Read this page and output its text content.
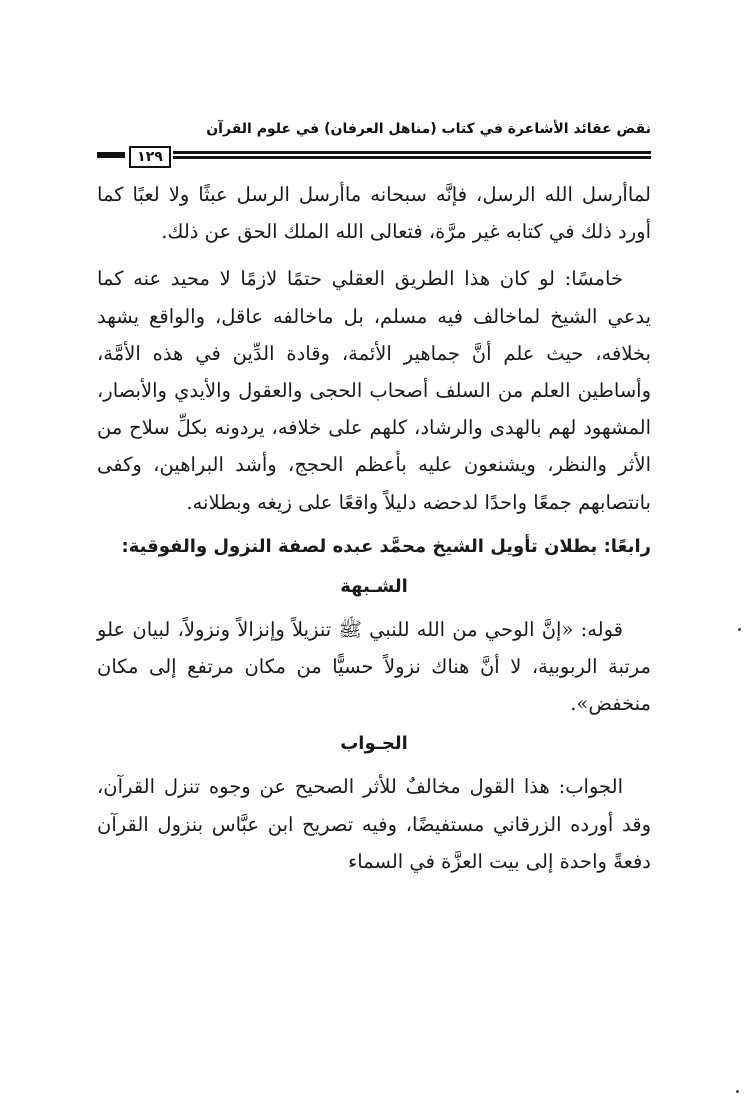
نقض عقائد الأشاعرة في كتاب (مناهل العرفان) في علوم القرآن
١٢٩

لماأرسل الله الرسل، فإنَّه سبحانه ماأرسل الرسل عبثًا ولا لعبًا كما أورد ذلك في كتابه غير مرَّة، فتعالى الله الملك الحق عن ذلك.

خامسًا: لو كان هذا الطريق العقلي حتمًا لازمًا لا محيد عنه كما يدعي الشيخ لماخالف فيه مسلم، بل ماخالفه عاقل، والواقع يشهد بخلافه، حيث علم أنَّ جماهير الأئمة، وقادة الدِّين في هذه الأمَّة، وأساطين العلم من السلف أصحاب الحجى والعقول والأيدي والأبصار، المشهود لهم بالهدى والرشاد، كلهم على خلافه، يردونه بكلِّ سلاح من الأثر والنظر، ويشنعون عليه بأعظم الحجج، وأشد البراهين، وكفى بانتصابهم جمعًا واحدًا لدحضه دليلاً واقعًا على زيغه وبطلانه.

رابعًا: بطلان تأويل الشيخ محمَّد عبده لصفة النزول والفوقية:
الشـبهة

قوله: «إنَّ الوحي من الله للنبي ﷺ تنزيلاً وإنزالاً ونزولاً، لبيان علو مرتبة الربوبية، لا أنَّ هناك نزولاً حسيًّا من مكان مرتفع إلى مكان منخفض».

الجـواب

الجواب: هذا القول مخالفٌ للأثر الصحيح عن وجوه تنزل القرآن، وقد أورده الزرقاني مستفيضًا، وفيه تصريح ابن عبَّاس بنزول القرآن دفعةً واحدة إلى بيت العزَّة في السماء
